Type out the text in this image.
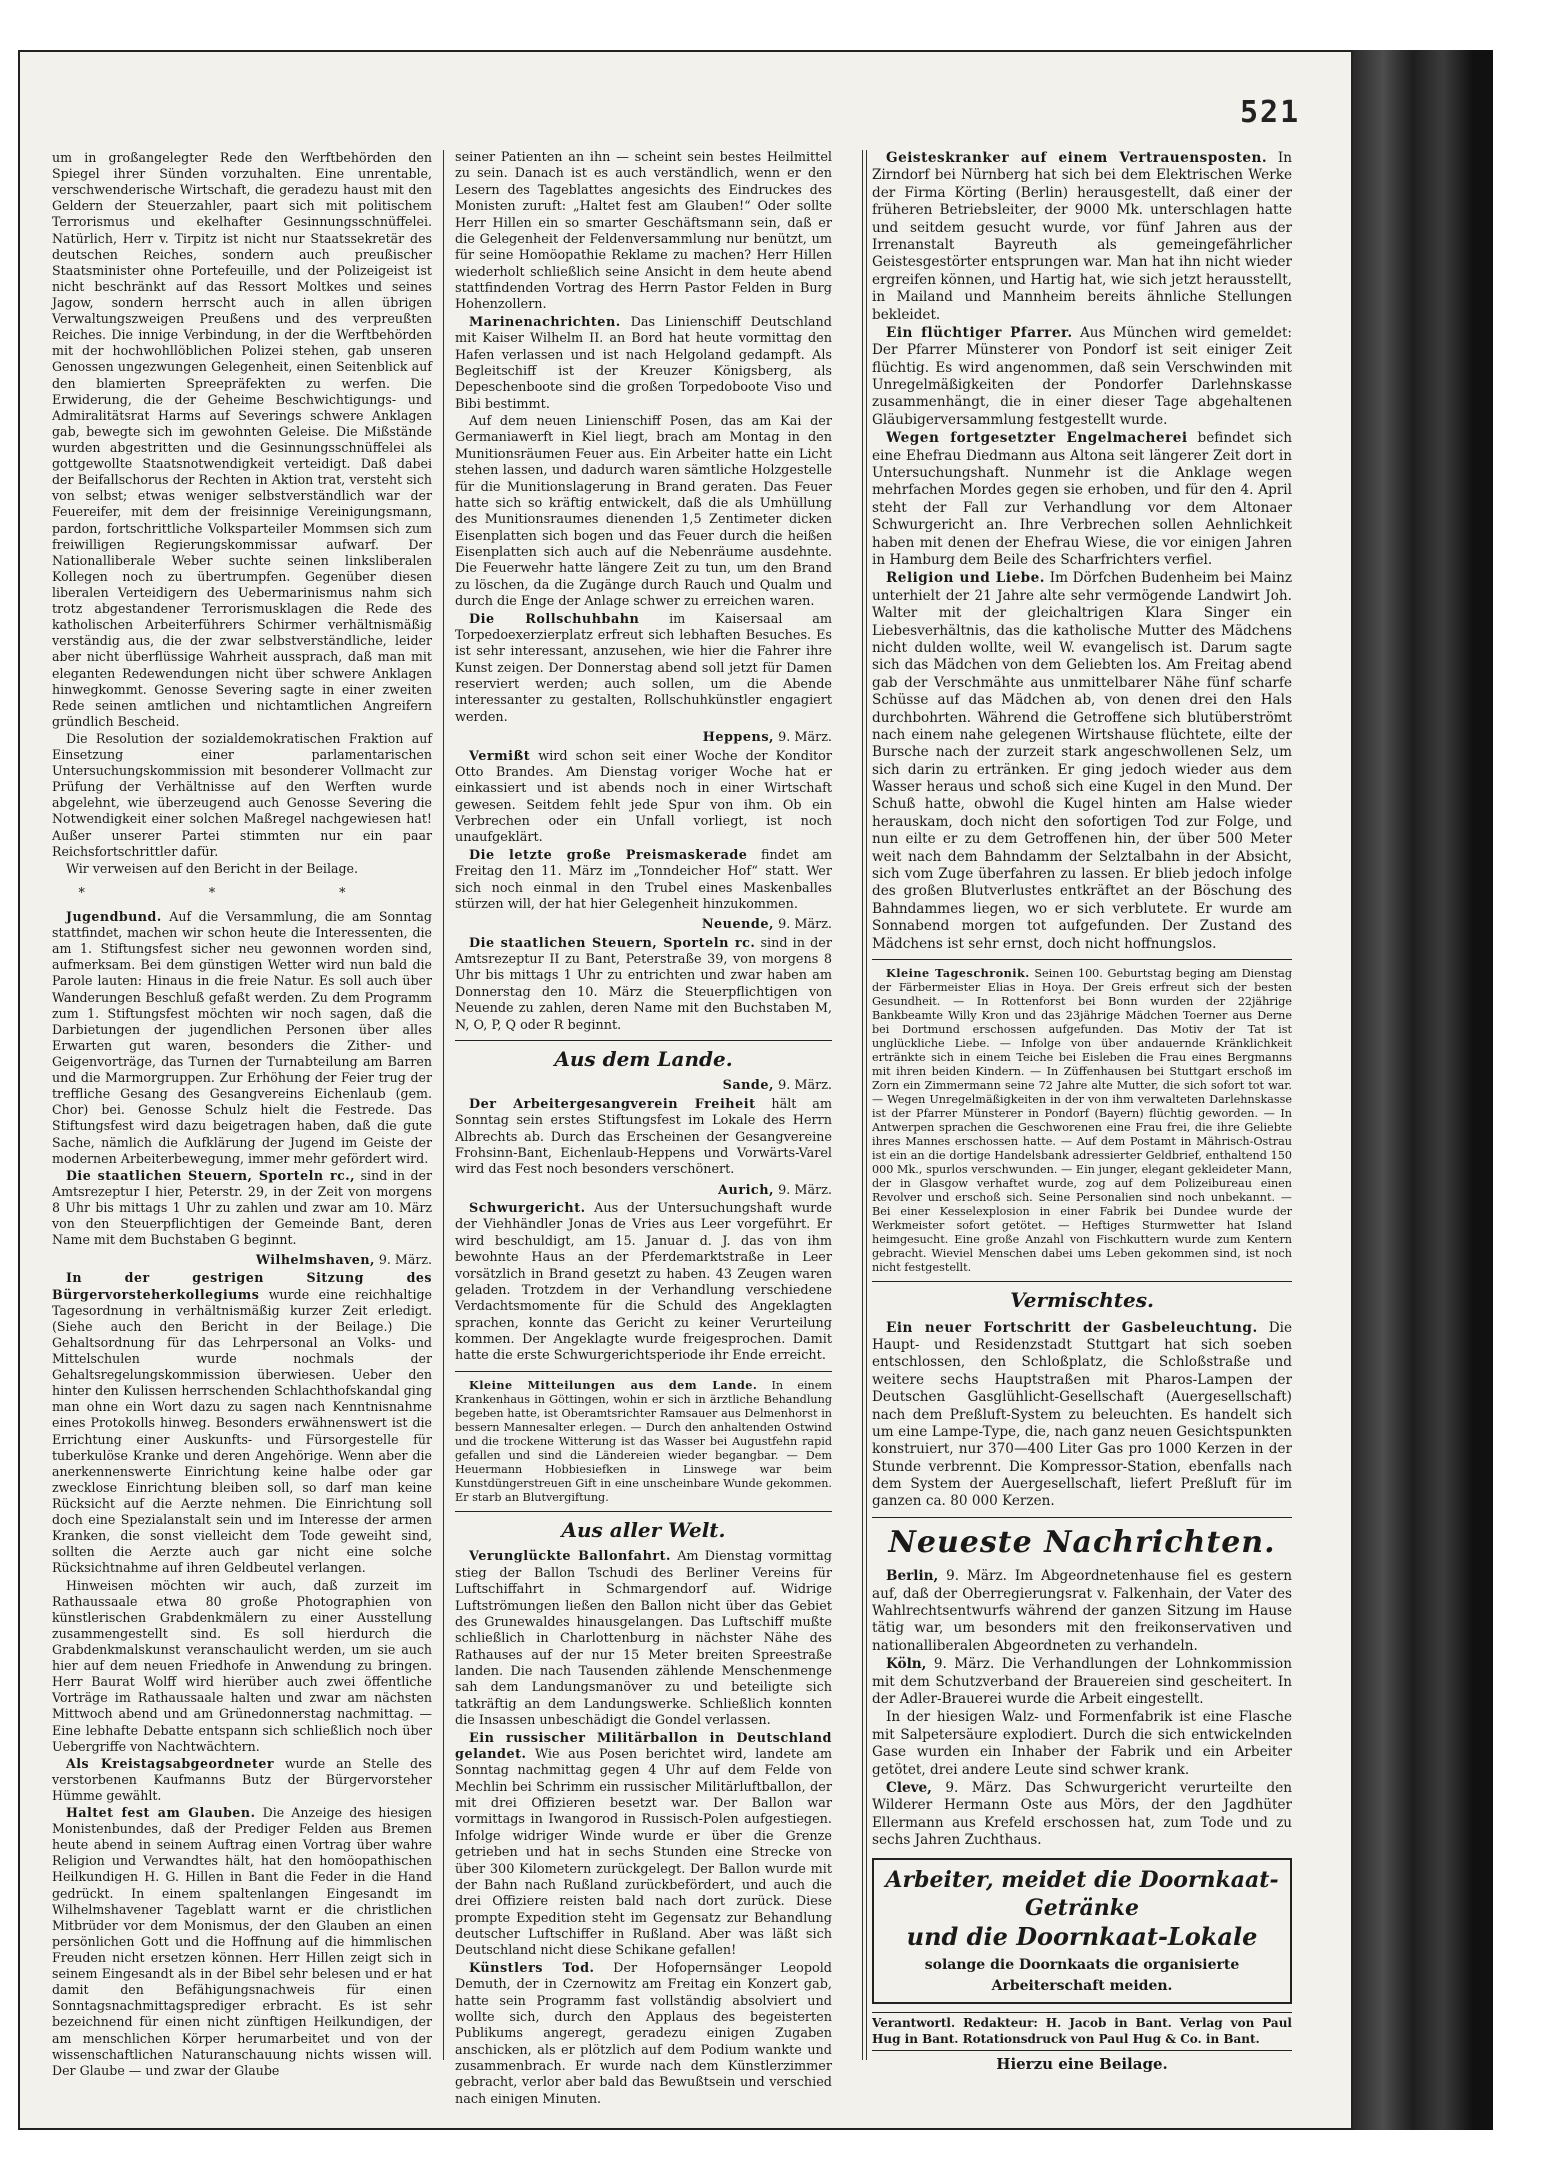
521

um in großangelegter Rede den Werftbehörden den Spiegel ihrer Sünden vorzuhalten. Eine unrentable, verschwenderische Wirtschaft, die geradezu haust mit den Geldern der Steuerzahler, paart sich mit politischem Terrorismus und ekelhafter Gesinnungsschnüffelei. Natürlich, Herr v. Tirpitz ist nicht nur Staatssekretär des deutschen Reiches, sondern auch preußischer Staatsminister ohne Portefeuille, und der Polizeigeist ist nicht beschränkt auf das Ressort Moltkes und seines Jagow, sondern herrscht auch in allen übrigen Verwaltungszweigen Preußens und des verpreußten Reiches. Die innige Verbindung, in der die Werftbehörden mit der hochwohllöblichen Polizei stehen, gab unseren Genossen ungezwungen Gelegenheit, einen Seitenblick auf den blamierten Spreepräfekten zu werfen. Die Erwiderung, die der Geheime Beschwichtigungs- und Admiralitätsrat Harms auf Severings schwere Anklagen gab, bewegte sich im gewohnten Geleise. Die Mißstände wurden abgestritten und die Gesinnungsschnüffelei als gottgewollte Staatsnotwendigkeit verteidigt. Daß dabei der Beifallschorus der Rechten in Aktion trat, versteht sich von selbst; etwas weniger selbstverständlich war der Feuereifer, mit dem der freisinnige Vereinigungsmann, pardon, fortschrittliche Volksparteiler Mommsen sich zum freiwilligen Regierungskommissar aufwarf. Der Nationalliberale Weber suchte seinen linksliberalen Kollegen noch zu übertrumpfen. Gegenüber diesen liberalen Verteidigern des Uebermarinismus nahm sich trotz abgestandener Terrorismusklagen die Rede des katholischen Arbeiterführers Schirmer verhältnismäßig verständig aus, die der zwar selbstverständliche, leider aber nicht überflüssige Wahrheit aussprach, daß man mit eleganten Redewendungen nicht über schwere Anklagen hinwegkommt. Genosse Severing sagte in einer zweiten Rede seinen amtlichen und nichtamtlichen Angreifern gründlich Bescheid.

Die Resolution der sozialdemokratischen Fraktion auf Einsetzung einer parlamentarischen Untersuchungskommission mit besonderer Vollmacht zur Prüfung der Verhältnisse auf den Werften wurde abgelehnt, wie überzeugend auch Genosse Severing die Notwendigkeit einer solchen Maßregel nachgewiesen hat! Außer unserer Partei stimmten nur ein paar Reichsfortschrittler dafür.

Wir verweisen auf den Bericht in der Beilage.

* * *

Jugendbund. Auf die Versammlung, die am Sonntag stattfindet, machen wir schon heute die Interessenten, die am 1. Stiftungsfest sicher neu gewonnen worden sind, aufmerksam. Bei dem günstigen Wetter wird nun bald die Parole lauten: Hinaus in die freie Natur. Es soll auch über Wanderungen Beschluß gefaßt werden. Zu dem Programm zum 1. Stiftungsfest möchten wir noch sagen, daß die Darbietungen der jugendlichen Personen über alles Erwarten gut waren, besonders die Zither- und Geigenvorträge, das Turnen der Turnabteilung am Barren und die Marmorgruppen. Zur Erhöhung der Feier trug der treffliche Gesang des Gesangvereins Eichenlaub (gem. Chor) bei. Genosse Schulz hielt die Festrede. Das Stiftungsfest wird dazu beigetragen haben, daß die gute Sache, nämlich die Aufklärung der Jugend im Geiste der modernen Arbeiterbewegung, immer mehr gefördert wird.

Die staatlichen Steuern, Sporteln rc., sind in der Amtsrezeptur I hier, Peterstr. 29, in der Zeit von morgens 8 Uhr bis mittags 1 Uhr zu zahlen und zwar am 10. März von den Steuerpflichtigen der Gemeinde Bant, deren Name mit dem Buchstaben G beginnt.

Wilhelmshaven, 9. März.

In der gestrigen Sitzung des Bürgervorsteherkollegiums wurde eine reichhaltige Tagesordnung in verhältnismäßig kurzer Zeit erledigt. (Siehe auch den Bericht in der Beilage.) Die Gehaltsordnung für das Lehrpersonal an Volks- und Mittelschulen wurde nochmals der Gehaltsregelungskommission überwiesen. Ueber den hinter den Kulissen herrschenden Schlachthofskandal ging man ohne ein Wort dazu zu sagen nach Kenntnisnahme eines Protokolls hinweg. Besonders erwähnenswert ist die Errichtung einer Auskunfts- und Fürsorgestelle für tuberkulöse Kranke und deren Angehörige. Wenn aber die anerkennenswerte Einrichtung keine halbe oder gar zwecklose Einrichtung bleiben soll, so darf man keine Rücksicht auf die Aerzte nehmen. Die Einrichtung soll doch eine Spezialanstalt sein und im Interesse der armen Kranken, die sonst vielleicht dem Tode geweiht sind, sollten die Aerzte auch gar nicht eine solche Rücksichtnahme auf ihren Geldbeutel verlangen.

Hinweisen möchten wir auch, daß zurzeit im Rathaussaale etwa 80 große Photographien von künstlerischen Grabdenkmälern zu einer Ausstellung zusammengestellt sind. Es soll hierdurch die Grabdenkmalskunst veranschaulicht werden, um sie auch hier auf dem neuen Friedhofe in Anwendung zu bringen. Herr Baurat Wolff wird hierüber auch zwei öffentliche Vorträge im Rathaussaale halten und zwar am nächsten Mittwoch abend und am Grünedonnerstag nachmittag. — Eine lebhafte Debatte entspann sich schließlich noch über Uebergriffe von Nachtwächtern.

Als Kreistagsabgeordneter wurde an Stelle des verstorbenen Kaufmanns Butz der Bürgervorsteher Hümme gewählt.

Haltet fest am Glauben. Die Anzeige des hiesigen Monistenbundes, daß der Prediger Felden aus Bremen heute abend in seinem Auftrag einen Vortrag über wahre Religion und Verwandtes hält, hat den homöopathischen Heilkundigen H. G. Hillen in Bant die Feder in die Hand gedrückt. In einem spaltenlangen Eingesandt im Wilhelmshavener Tageblatt warnt er die christlichen Mitbrüder vor dem Monismus, der den Glauben an einen persönlichen Gott und die Hoffnung auf die himmlischen Freuden nicht ersetzen können. Herr Hillen zeigt sich in seinem Eingesandt als in der Bibel sehr belesen und er hat damit den Befähigungsnachweis für einen Sonntagsnachmittagsprediger erbracht. Es ist sehr bezeichnend für einen nicht zünftigen Heilkundigen, der am menschlichen Körper herumarbeitet und von der wissenschaftlichen Naturanschauung nichts wissen will. Der Glaube — und zwar der Glaube

seiner Patienten an ihn — scheint sein bestes Heilmittel zu sein. Danach ist es auch verständlich, wenn er den Lesern des Tageblattes angesichts des Eindruckes des Monisten zuruft: „Haltet fest am Glauben!“ Oder sollte Herr Hillen ein so smarter Geschäftsmann sein, daß er die Gelegenheit der Feldenversammlung nur benützt, um für seine Homöopathie Reklame zu machen? Herr Hillen wiederholt schließlich seine Ansicht in dem heute abend stattfindenden Vortrag des Herrn Pastor Felden in Burg Hohenzollern.

Marinenachrichten. Das Linienschiff Deutschland mit Kaiser Wilhelm II. an Bord hat heute vormittag den Hafen verlassen und ist nach Helgoland gedampft. Als Begleitschiff ist der Kreuzer Königsberg, als Depeschenboote sind die großen Torpedoboote Viso und Bibi bestimmt.

Auf dem neuen Linienschiff Posen, das am Kai der Germaniawerft in Kiel liegt, brach am Montag in den Munitionsräumen Feuer aus. Ein Arbeiter hatte ein Licht stehen lassen, und dadurch waren sämtliche Holzgestelle für die Munitionslagerung in Brand geraten. Das Feuer hatte sich so kräftig entwickelt, daß die als Umhüllung des Munitionsraumes dienenden 1,5 Zentimeter dicken Eisenplatten sich bogen und das Feuer durch die heißen Eisenplatten sich auch auf die Nebenräume ausdehnte. Die Feuerwehr hatte längere Zeit zu tun, um den Brand zu löschen, da die Zugänge durch Rauch und Qualm und durch die Enge der Anlage schwer zu erreichen waren.

Die Rollschuhbahn im Kaisersaal am Torpedoexerzierplatz erfreut sich lebhaften Besuches. Es ist sehr interessant, anzusehen, wie hier die Fahrer ihre Kunst zeigen. Der Donnerstag abend soll jetzt für Damen reserviert werden; auch sollen, um die Abende interessanter zu gestalten, Rollschuhkünstler engagiert werden.

Heppens, 9. März.

Vermißt wird schon seit einer Woche der Konditor Otto Brandes. Am Dienstag voriger Woche hat er einkassiert und ist abends noch in einer Wirtschaft gewesen. Seitdem fehlt jede Spur von ihm. Ob ein Verbrechen oder ein Unfall vorliegt, ist noch unaufgeklärt.

Die letzte große Preismaskerade findet am Freitag den 11. März im „Tonndeicher Hof“ statt. Wer sich noch einmal in den Trubel eines Maskenballes stürzen will, der hat hier Gelegenheit hinzukommen.

Neuende, 9. März.

Die staatlichen Steuern, Sporteln rc. sind in der Amtsrezeptur II zu Bant, Peterstraße 39, von morgens 8 Uhr bis mittags 1 Uhr zu entrichten und zwar haben am Donnerstag den 10. März die Steuerpflichtigen von Neuende zu zahlen, deren Name mit den Buchstaben M, N, O, P, Q oder R beginnt.

Aus dem Lande.
Sande, 9. März.

Der Arbeitergesangverein Freiheit hält am Sonntag sein erstes Stiftungsfest im Lokale des Herrn Albrechts ab. Durch das Erscheinen der Gesangvereine Frohsinn-Bant, Eichenlaub-Heppens und Vorwärts-Varel wird das Fest noch besonders verschönert.

Aurich, 9. März.

Schwurgericht. Aus der Untersuchungshaft wurde der Viehhändler Jonas de Vries aus Leer vorgeführt. Er wird beschuldigt, am 15. Januar d. J. das von ihm bewohnte Haus an der Pferdemarktstraße in Leer vorsätzlich in Brand gesetzt zu haben. 43 Zeugen waren geladen. Trotzdem in der Verhandlung verschiedene Verdachtsmomente für die Schuld des Angeklagten sprachen, konnte das Gericht zu keiner Verurteilung kommen. Der Angeklagte wurde freigesprochen. Damit hatte die erste Schwurgerichtsperiode ihr Ende erreicht.

Kleine Mitteilungen aus dem Lande. In einem Krankenhaus in Göttingen, wohin er sich in ärztliche Behandlung begeben hatte, ist Oberamtsrichter Ramsauer aus Delmenhorst in bessern Mannesalter erlegen. — Durch den anhaltenden Ostwind und die trockene Witterung ist das Wasser bei Augustfehn rapid gefallen und sind die Ländereien wieder begangbar. — Dem Heuermann Hobbiesiefken in Linswege war beim Kunstdüngerstreuen Gift in eine unscheinbare Wunde gekommen. Er starb an Blutvergiftung.

Aus aller Welt.

Verunglückte Ballonfahrt. Am Dienstag vormittag stieg der Ballon Tschudi des Berliner Vereins für Luftschiffahrt in Schmargendorf auf. Widrige Luftströmungen ließen den Ballon nicht über das Gebiet des Grunewaldes hinausgelangen. Das Luftschiff mußte schließlich in Charlottenburg in nächster Nähe des Rathauses auf der nur 15 Meter breiten Spreestraße landen. Die nach Tausenden zählende Menschenmenge sah dem Landungsmanöver zu und beteiligte sich tatkräftig an dem Landungswerke. Schließlich konnten die Insassen unbeschädigt die Gondel verlassen.

Ein russischer Militärballon in Deutschland gelandet. Wie aus Posen berichtet wird, landete am Sonntag nachmittag gegen 4 Uhr auf dem Felde von Mechlin bei Schrimm ein russischer Militärluftballon, der mit drei Offizieren besetzt war. Der Ballon war vormittags in Iwangorod in Russisch-Polen aufgestiegen. Infolge widriger Winde wurde er über die Grenze getrieben und hat in sechs Stunden eine Strecke von über 300 Kilometern zurückgelegt. Der Ballon wurde mit der Bahn nach Rußland zurückbefördert, und auch die drei Offiziere reisten bald nach dort zurück. Diese prompte Expedition steht im Gegensatz zur Behandlung deutscher Luftschiffer in Rußland. Aber was läßt sich Deutschland nicht diese Schikane gefallen!

Künstlers Tod. Der Hofopernsänger Leopold Demuth, der in Czernowitz am Freitag ein Konzert gab, hatte sein Programm fast vollständig absolviert und wollte sich, durch den Applaus des begeisterten Publikums angeregt, geradezu einigen Zugaben anschicken, als er plötzlich auf dem Podium wankte und zusammenbrach. Er wurde nach dem Künstlerzimmer gebracht, verlor aber bald das Bewußtsein und verschied nach einigen Minuten.

Geisteskranker auf einem Vertrauensposten. In Zirndorf bei Nürnberg hat sich bei dem Elektrischen Werke der Firma Körting (Berlin) herausgestellt, daß einer der früheren Betriebsleiter, der 9000 Mk. unterschlagen hatte und seitdem gesucht wurde, vor fünf Jahren aus der Irrenanstalt Bayreuth als gemeingefährlicher Geistesgestörter entsprungen war. Man hat ihn nicht wieder ergreifen können, und Hartig hat, wie sich jetzt herausstellt, in Mailand und Mannheim bereits ähnliche Stellungen bekleidet.

Ein flüchtiger Pfarrer. Aus München wird gemeldet: Der Pfarrer Münsterer von Pondorf ist seit einiger Zeit flüchtig. Es wird angenommen, daß sein Verschwinden mit Unregelmäßigkeiten der Pondorfer Darlehnskasse zusammenhängt, die in einer dieser Tage abgehaltenen Gläubigerversammlung festgestellt wurde.

Wegen fortgesetzter Engelmacherei befindet sich eine Ehefrau Diedmann aus Altona seit längerer Zeit dort in Untersuchungshaft. Nunmehr ist die Anklage wegen mehrfachen Mordes gegen sie erhoben, und für den 4. April steht der Fall zur Verhandlung vor dem Altonaer Schwurgericht an. Ihre Verbrechen sollen Aehnlichkeit haben mit denen der Ehefrau Wiese, die vor einigen Jahren in Hamburg dem Beile des Scharfrichters verfiel.

Religion und Liebe. Im Dörfchen Budenheim bei Mainz unterhielt der 21 Jahre alte sehr vermögende Landwirt Joh. Walter mit der gleichaltrigen Klara Singer ein Liebesverhältnis, das die katholische Mutter des Mädchens nicht dulden wollte, weil W. evangelisch ist. Darum sagte sich das Mädchen von dem Geliebten los. Am Freitag abend gab der Verschmähte aus unmittelbarer Nähe fünf scharfe Schüsse auf das Mädchen ab, von denen drei den Hals durchbohrten. Während die Getroffene sich blutüberströmt nach einem nahe gelegenen Wirtshause flüchtete, eilte der Bursche nach der zurzeit stark angeschwollenen Selz, um sich darin zu ertränken. Er ging jedoch wieder aus dem Wasser heraus und schoß sich eine Kugel in den Mund. Der Schuß hatte, obwohl die Kugel hinten am Halse wieder herauskam, doch nicht den sofortigen Tod zur Folge, und nun eilte er zu dem Getroffenen hin, der über 500 Meter weit nach dem Bahndamm der Selztalbahn in der Absicht, sich vom Zuge überfahren zu lassen. Er blieb jedoch infolge des großen Blutverlustes entkräftet an der Böschung des Bahndammes liegen, wo er sich verblutete. Er wurde am Sonnabend morgen tot aufgefunden. Der Zustand des Mädchens ist sehr ernst, doch nicht hoffnungslos.

Kleine Tageschronik. Seinen 100. Geburtstag beging am Dienstag der Färbermeister Elias in Hoya. Der Greis erfreut sich der besten Gesundheit. — In Rottenforst bei Bonn wurden der 22jährige Bankbeamte Willy Kron und das 23jährige Mädchen Toerner aus Derne bei Dortmund erschossen aufgefunden. Das Motiv der Tat ist unglückliche Liebe. — Infolge von über andauernde Kränklichkeit ertränkte sich in einem Teiche bei Eisleben die Frau eines Bergmanns mit ihren beiden Kindern. — In Züffenhausen bei Stuttgart erschoß im Zorn ein Zimmermann seine 72 Jahre alte Mutter, die sich sofort tot war. — Wegen Unregelmäßigkeiten in der von ihm verwalteten Darlehnskasse ist der Pfarrer Münsterer in Pondorf (Bayern) flüchtig geworden. — In Antwerpen sprachen die Geschworenen eine Frau frei, die ihre Geliebte ihres Mannes erschossen hatte. — Auf dem Postamt in Mährisch-Ostrau ist ein an die dortige Handelsbank adressierter Geldbrief, enthaltend 150 000 Mk., spurlos verschwunden. — Ein junger, elegant gekleideter Mann, der in Glasgow verhaftet wurde, zog auf dem Polizeibureau einen Revolver und erschoß sich. Seine Personalien sind noch unbekannt. — Bei einer Kesselexplosion in einer Fabrik bei Dundee wurde der Werkmeister sofort getötet. — Heftiges Sturmwetter hat Island heimgesucht. Eine große Anzahl von Fischkuttern wurde zum Kentern gebracht. Wieviel Menschen dabei ums Leben gekommen sind, ist noch nicht festgestellt.

Vermischtes.

Ein neuer Fortschritt der Gasbeleuchtung. Die Haupt- und Residenzstadt Stuttgart hat sich soeben entschlossen, den Schloßplatz, die Schloßstraße und weitere sechs Hauptstraßen mit Pharos-Lampen der Deutschen Gasglühlicht-Gesellschaft (Auergesellschaft) nach dem Preßluft-System zu beleuchten. Es handelt sich um eine Lampe-Type, die, nach ganz neuen Gesichtspunkten konstruiert, nur 370—400 Liter Gas pro 1000 Kerzen in der Stunde verbrennt. Die Kompressor-Station, ebenfalls nach dem System der Auergesellschaft, liefert Preßluft für im ganzen ca. 80 000 Kerzen.

Neueste Nachrichten.

Berlin, 9. März. Im Abgeordnetenhause fiel es gestern auf, daß der Oberregierungsrat v. Falkenhain, der Vater des Wahlrechtsentwurfs während der ganzen Sitzung im Hause tätig war, um besonders mit den freikonservativen und nationalliberalen Abgeordneten zu verhandeln.

Köln, 9. März. Die Verhandlungen der Lohnkommission mit dem Schutzverband der Brauereien sind gescheitert. In der Adler-Brauerei wurde die Arbeit eingestellt.

In der hiesigen Walz- und Formenfabrik ist eine Flasche mit Salpetersäure explodiert. Durch die sich entwickelnden Gase wurden ein Inhaber der Fabrik und ein Arbeiter getötet, drei andere Leute sind schwer krank.

Cleve, 9. März. Das Schwurgericht verurteilte den Wilderer Hermann Oste aus Mörs, der den Jagdhüter Ellermann aus Krefeld erschossen hat, zum Tode und zu sechs Jahren Zuchthaus.

Arbeiter, meidet die Doornkaat-Getränke
und die Doornkaat-Lokale
solange die Doornkaats die organisierte
Arbeiterschaft meiden.
Verantwortl. Redakteur: H. Jacob in Bant. Verlag von Paul Hug in Bant. Rotationsdruck von Paul Hug & Co. in Bant.
Hierzu eine Beilage.
